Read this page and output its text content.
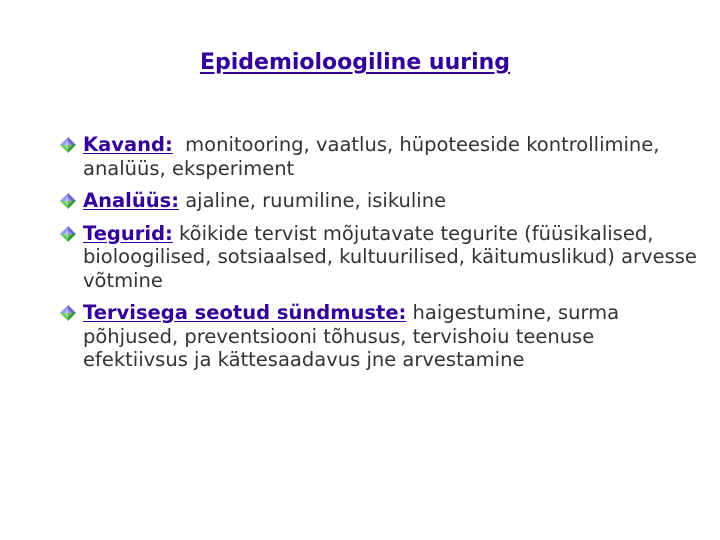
Epidemioloogiline uuring
Kavand:  monitooring, vaatlus, hüpoteeside kontrollimine, analüüs, eksperiment
Analüüs: ajaline, ruumiline, isikuline
Tegurid: kõikide tervist mõjutavate tegurite (füüsikalised, bioloogilised, sotsiaalsed, kultuurilised, käitumuslikud) arvesse võtmine
Tervisega seotud sündmuste: haigestumine, surma põhjused, preventsiooni tõhusus, tervishoiu teenuse efektiivsus ja kättesaadavus jne arvestamine
